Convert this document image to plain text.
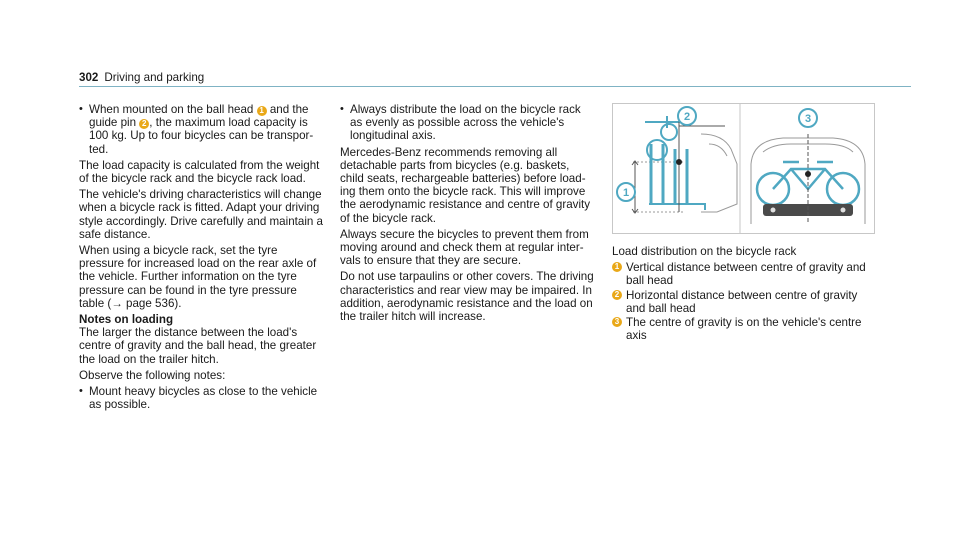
302 Driving and parking
• When mounted on the ball head 1 and the guide pin 2 , the maximum load capacity is 100 kg. Up to four bicycles can be transported.

The load capacity is calculated from the weight of the bicycle rack and the bicycle rack load.

The vehicle's driving characteristics will change when a bicycle rack is fitted. Adapt your driving style accordingly. Drive carefully and maintain a safe distance.

When using a bicycle rack, set the tyre pressure for increased load on the rear axle of the vehicle. Further information on the tyre pressure can be found in the tyre pressure table (→ page 536).

Notes on loading

The larger the distance between the load's centre of gravity and the ball head, the greater the load on the trailer hitch.

Observe the following notes:

• Mount heavy bicycles as close to the vehicle as possible.
• Always distribute the load on the bicycle rack as evenly as possible across the vehicle's longitudinal axis.

Mercedes-Benz recommends removing all detachable parts from bicycles (e.g. baskets, child seats, rechargeable batteries) before loading them onto the bicycle rack. This will improve the aerodynamic resistance and centre of gravity of the bicycle rack.

Always secure the bicycles to prevent them from moving around and check them at regular intervals to ensure that they are secure.

Do not use tarpaulins or other covers. The driving characteristics and rear view may be impaired. In addition, aerodynamic resistance and the load on the trailer hitch will increase.

1
2	3

Load distribution on the bicycle rack

1 Vertical distance between centre of gravity and ball head
2 Horizontal distance between centre of gravity and ball head
3 The centre of gravity is on the vehicle's centre axis
